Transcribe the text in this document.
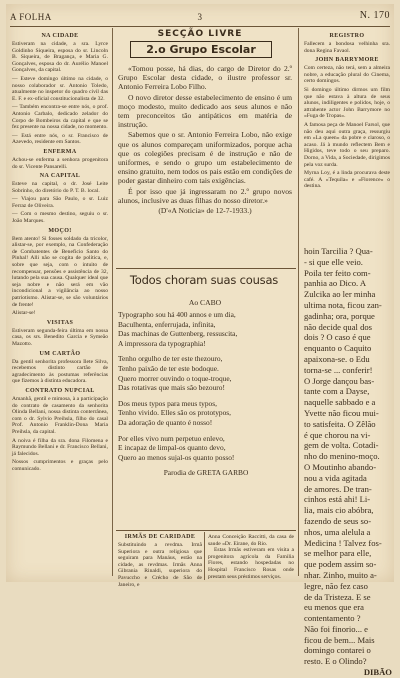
A FOLHA	3	N. 170
NA CIDADE

Estiveram na cidade, a sra. Lyrce Goldinho Siqueira, esposa do sr. Lincoln B. Siqueira, de Bragança, e Maria G. Gonçalves, esposa do dr. Aurélio Manoel Gonçalves, da capital.

— Esteve domingo último na cidade, o nosso colaborador sr. Antonio Toledo, atualmente no inspetor do quadro civil das E. F. e ex-oficial constitucionalista de 32.

— Também encontra-se entre nós, o prof. Antonio Carbalo, dedicado zelador do Corpo de Bombeiros da capital e que se fez presente na nossa cidade, no momento.

— Está entre nós, o sr. Francisco de Azevedo, residente em Santos.

ENFERMA

Achou-se enferma a senhora progenitora do sr. Vicente Pansarelli.

NA CAPITAL

Esteve na capital, o dr. José Leite Sobrinho, do diretório do P. T. B. local.

— Viajou para São Paulo, o sr. Luiz Ferraz de Oliveira.

— Com o mesmo destino, seguiu o sr. João Marques.

MOÇO!

Bem atento! Si fosses soldado da tricolor, alistar-se, por exemplo, na Confederação de Combatentes de Beneficio Santo do Pinhal! Alli não se cogita de política, e, sobre que seja, com o intuito de recompensar, pensões e assistência de 32, lutando pela sua causa. Qualquer ideal que seja nobre e não será em vão incondicional a vigilância ao nosso patriotismo. Alistar-se, se são voluntários de frente!

Alistar-se!

VISITAS

Estiveram segunda-feira última em nossa casa, os srs. Benedito Garcia e Symeão Mazotto.

UM CARTÃO

Da gentil senhorita professora Ilete Silva, recebemos distinto cartão de agradecimento às postumas referências que fizemos à distinta educadora.

CONTRATO NUPCIAL

Amanhã, gentil e mimosa, à a participação do contrato de casamento da senhorita Olinda Bellani, nossa distinta conterrânea, com o dr. Sylvio Preihsla, filho do casal Prof. Antonio Franklin-Dona Maria Preihsla, da capital.

A noiva é filha da sra. dona Filomena e Raymundo Bellani e dr. Francisco Bellani, já falecidos.

Nossos cumprimentos e graças pelo comunicado.

SECÇÃO LIVRE
2.o Grupo Escolar

«Tomou posse, há dias, do cargo de Diretor do 2.º Grupo Escolar desta cidade, o ilustre professor sr. Antonio Ferreira Lobo Filho.

O novo diretor desse estabelecimento de ensino é um moço modesto, muito dedicado aos seus alunos e não tem preconceitos tão antipáticos em matéria de instrução.

Sabemos que o sr. Antonio Ferreira Lobo, não exige que os alunos compareçam uniformizados, porque acha que os colegiões precisam é de instrução e não de uniformes, e sendo o grupo um estabelecimento de ensino gratuito, nem todos os pais estão em condições de poder gastar dinheiro com tais exigências.

É por isso que já ingressaram no 2.º grupo novos alunos, inclusive as duas filhas do nosso diretor.»

(D'«A Noticia» de 12-7-1933.)

Todos choram suas cousas
Ao CABO
Typographo sou há 400 annos e um dia,
Baculhenta, enferrujada, infinita,
Das machinas de Guttenberg, ressuscita,
A impressora da typographia!
Tenho orgulho de ter este thezouro,
Tenho paixão de ter este bodoque.
Quero morrer ouvindo o toque-troque,
Das rotativas que mais são bezouro!
Dos meus typos para meus typos,
Tenho vivido. Elles são os prototypos,
Da adoração de quanto é nosso!
Por elles vivo num perpetuo enlevo,
E incapaz de limpal-os quanto devo,
Quero ao menos sujal-os quanto posso!
Parodia de GRETA GARBO
IRMÃS DE CARIDADE
Substituindo a revdma. Irmã Superiora e outra religiosa que seguiram para Manáus, estão na cidade, as revdmas. Irmãs Anna Gibrania Rinaldi, superiora do Pavuccho e Crécho de São de Janeiro, e
Anna Conceição Raccitti, da casa de saude «Dr. Eirane, do Rio.
Estas Irmãs estiveram em visita a progenitora agrícola da Familia Flores, estando hospedadas no Hospital Francisco Rosas onde prestam seus préstimos serviços.
REGISTRO

Fallecem a bondosa velhinha sra. dona Regina Favaol.

JOHN BARRYMORE

Com certeza, não terá, sem a almeira nobre, a educação plural do Cinema, certo domingos.

Si domingo último dirmos um film que não estava à altura de seus alunos, indiligentes e polidos, hoje, o attrahente actor John Barrymore no «Fuga de Tropas».

A famosa peça de Manoel Farsol, que não deu aqui outra graça, ressurgiu em «La queen» da pobre e claroso, o acaso. Já à mundo reflectem Bem e Higidos, teve todo o seu preparo. Dorno, a Vida, a Sociedade, dirigimos pela voz surda.

Myrna Loy, é a linda procurava deste café. A «Tequila» e «Florence» o destina.

hoin Tarcilia ? Qua-
- si que elle veio.
Poila ter feito com-
panhia ao Dico. A
Zulcika ao ler minha
ultima nota, ficou zan-
gadinha; ora, porque
não decide qual dos
dois ? O caso é que
enquanto o Caquito
apaixona-se. o Edu
torna-se ... conferir!
O Jorge dançou bas-
tante com a Dayse,
naquelle sabbado e a
Yvette não ficou mui-
to satisfeita. O Zêlão
é que chorou na vi-
gem de volta. Cotadi-
nho do menino-moço.
O Moutinho abando-
nou a vida agitada
de amores. De tran-
cinhos está ahi! Li-
lia, mais cio abóbra,
fazendo de seus so-
nhos, uma alelula a
Medicina ! Talvez fos-
se melhor para elle,
que podem assim so-
nhar. Zinho, muito a-
legre, não fez caso
de da Tristeza. E se
eu menos que era
contentamento ?
Não foi finorio... e
ficou de bem... Mais
domingo contarei o
resto. E o Olindo?
DIBÃO
